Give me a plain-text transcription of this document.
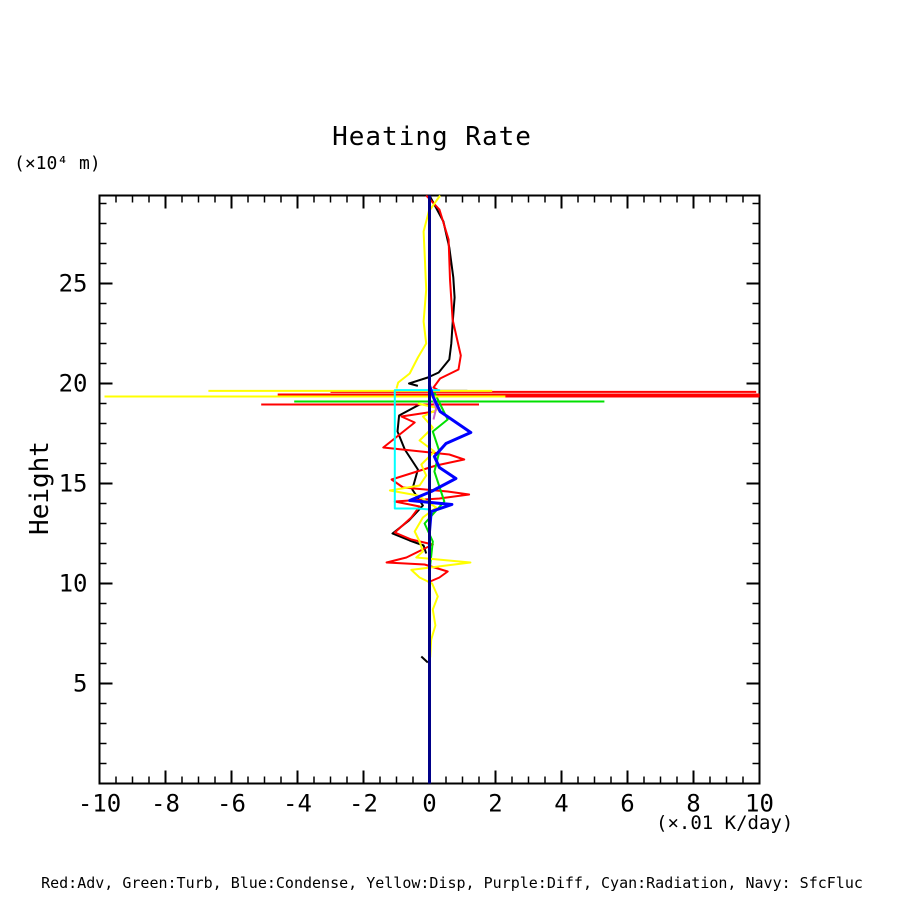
Heating Rate
(×10⁴ m)
Height
(×.01 K/day)
Red:Adv, Green:Turb, Blue:Condense, Yellow:Disp, Purple:Diff, Cyan:Radiation, Navy: SfcFluc
-10 -8 -6 -4 -2 0 2 4 6 8 10
5
10
15
20
25
